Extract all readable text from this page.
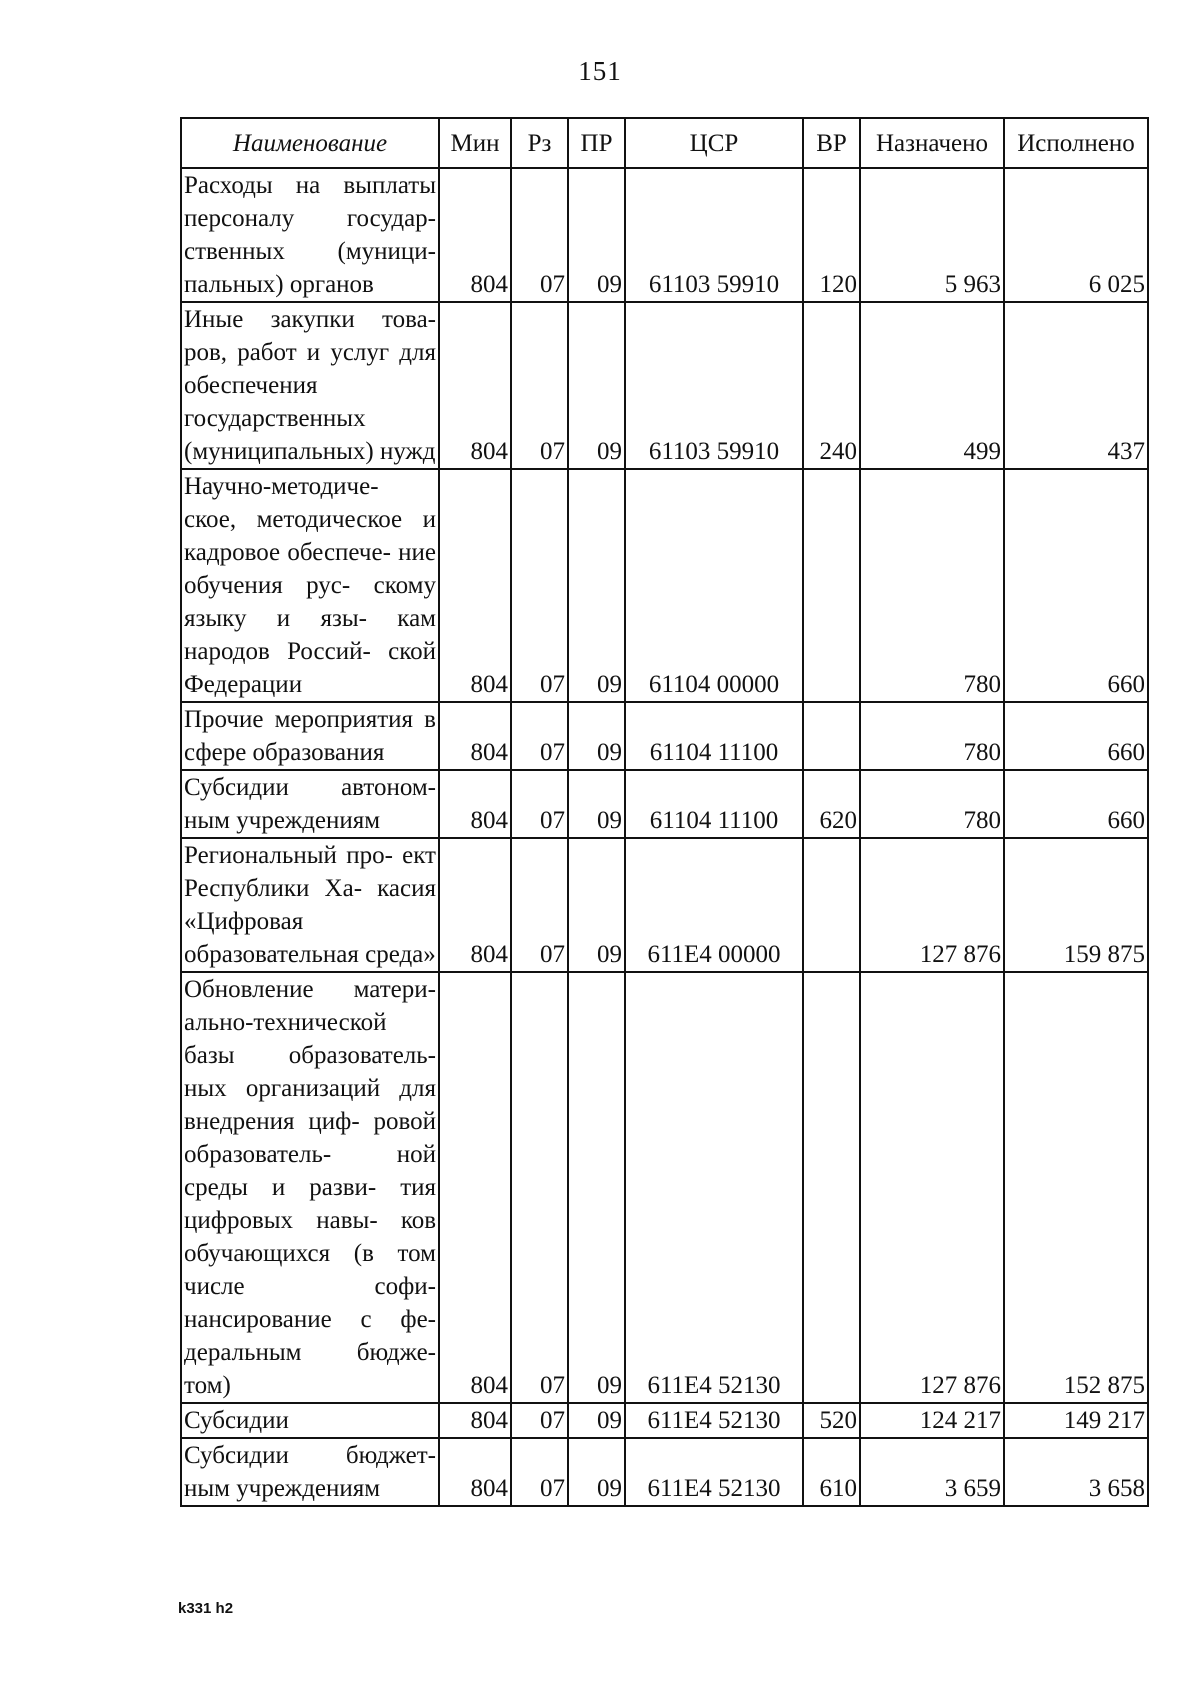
151
Наименование	Мин	Рз	ПР	ЦСР	ВР	Назначено	Исполнено
Расходы на выплаты персоналу государ- ственных (муници- пальных) органов	804	07	09	61103 59910	120	5 963	6 025
Иные закупки това- ров, работ и услуг для обеспечения государственных (муниципальных) нужд	804	07	09	61103 59910	240	499	437
Научно-методиче- ское, методическое и кадровое обеспече- ние обучения рус- скому языку и язы- кам народов Россий- ской Федерации	804	07	09	61104 00000		780	660
Прочие мероприятия в сфере образования	804	07	09	61104 11100		780	660
Субсидии автоном- ным учреждениям	804	07	09	61104 11100	620	780	660
Региональный про- ект Республики Ха- касия «Цифровая образовательная среда»	804	07	09	611E4 00000		127 876	159 875
Обновление матери- ально-технической базы образователь- ных организаций для внедрения циф- ровой образователь- ной среды и разви- тия цифровых навы- ков обучающихся (в том числе софи- нансирование с фе- деральным бюдже- том)	804	07	09	611E4 52130		127 876	152 875
Субсидии	804	07	09	611E4 52130	520	124 217	149 217
Субсидии бюджет- ным учреждениям	804	07	09	611E4 52130	610	3 659	3 658
k331 h2
